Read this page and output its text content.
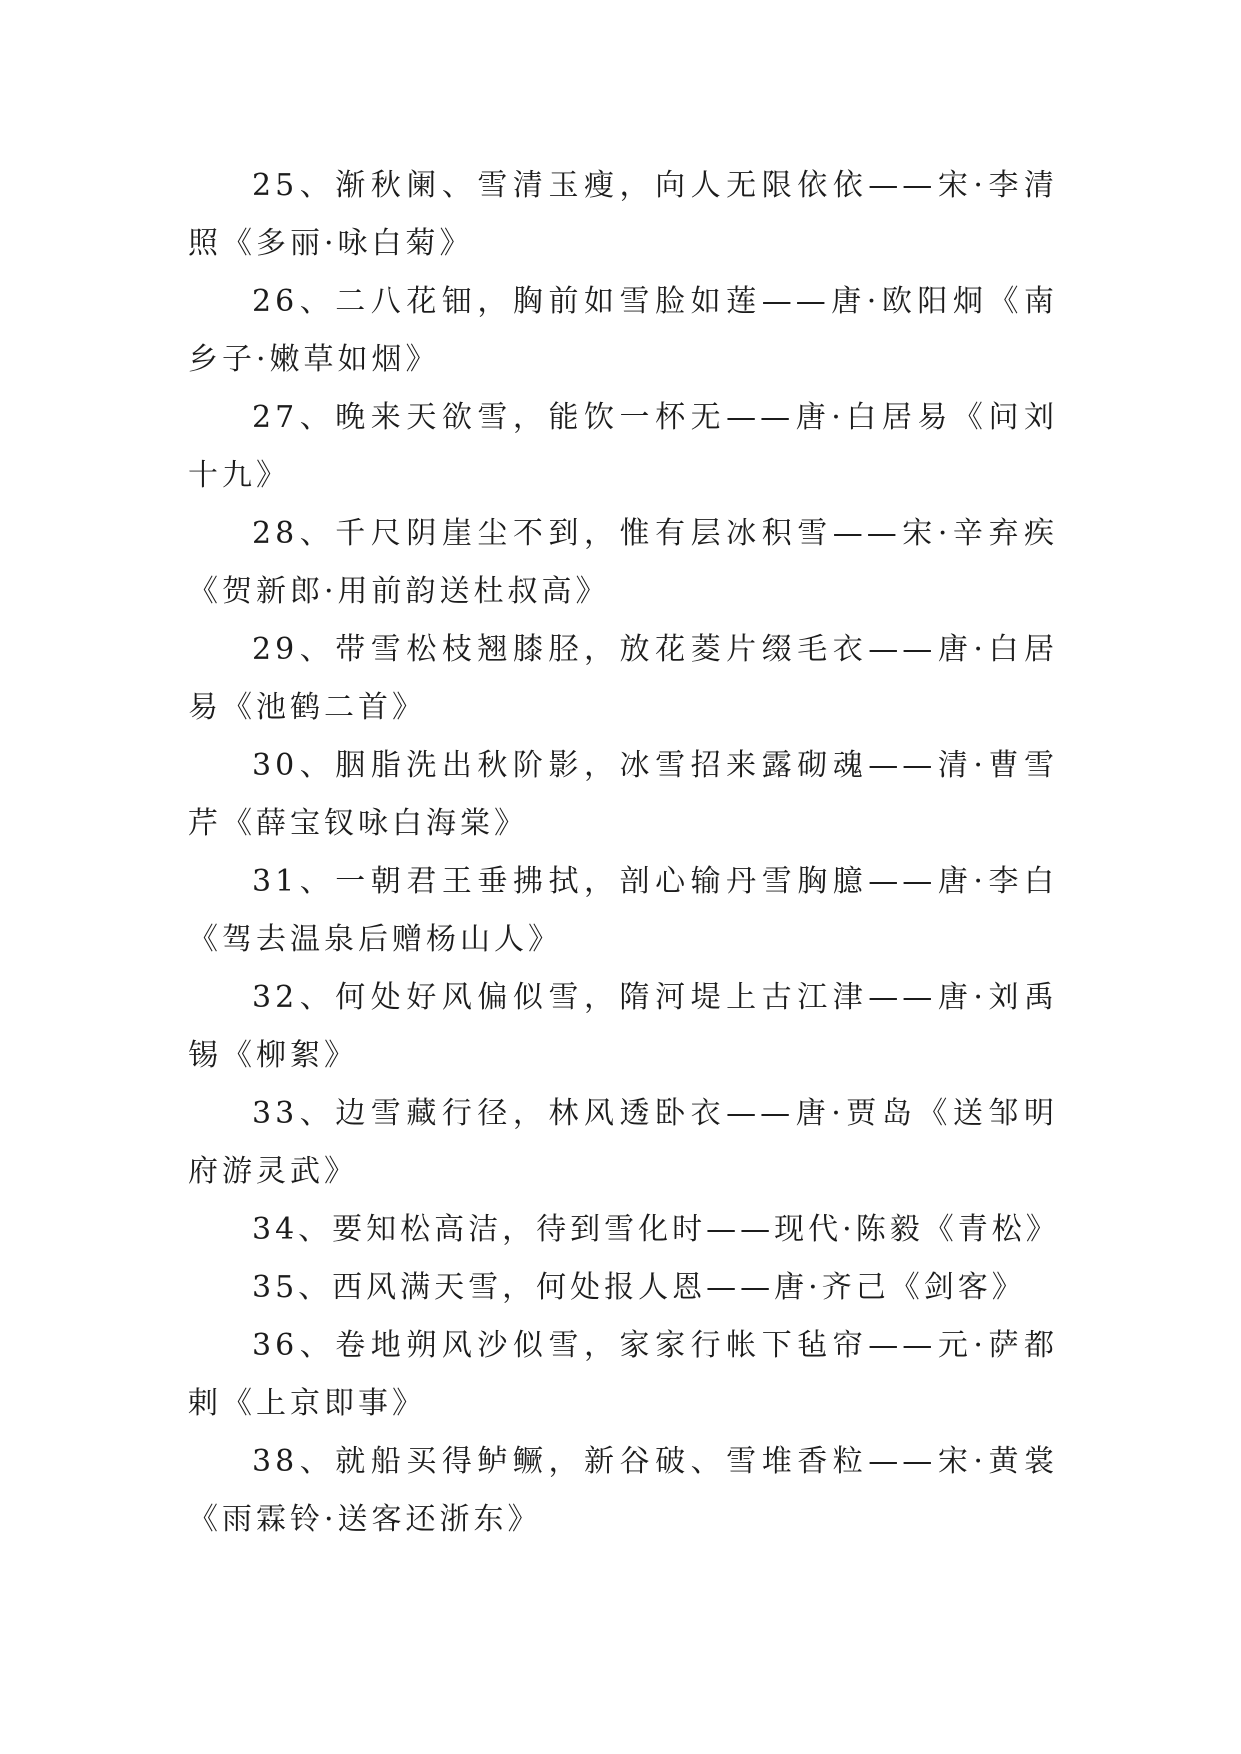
25、渐秋阑、雪清玉瘦，向人无限依依——宋·李清照《多丽·咏白菊》

26、二八花钿，胸前如雪脸如莲——唐·欧阳炯《南乡子·嫩草如烟》

27、晚来天欲雪，能饮一杯无——唐·白居易《问刘十九》

28、千尺阴崖尘不到，惟有层冰积雪——宋·辛弃疾《贺新郎·用前韵送杜叔高》

29、带雪松枝翘膝胫，放花菱片缀毛衣——唐·白居易《池鹤二首》

30、胭脂洗出秋阶影，冰雪招来露砌魂——清·曹雪芹《薛宝钗咏白海棠》

31、一朝君王垂拂拭，剖心输丹雪胸臆——唐·李白《驾去温泉后赠杨山人》

32、何处好风偏似雪，隋河堤上古江津——唐·刘禹锡《柳絮》

33、边雪藏行径，林风透卧衣——唐·贾岛《送邹明府游灵武》

34、要知松高洁，待到雪化时——现代·陈毅《青松》

35、西风满天雪，何处报人恩——唐·齐己《剑客》

36、卷地朔风沙似雪，家家行帐下毡帘——元·萨都剌《上京即事》

38、就船买得鲈鳜，新谷破、雪堆香粒——宋·黄裳《雨霖铃·送客还浙东》
